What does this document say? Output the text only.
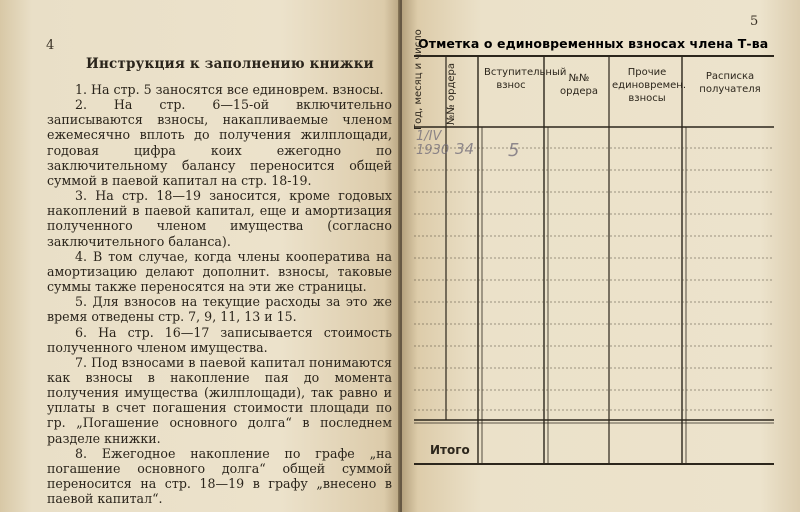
4
Инструкция к заполнению книжки

1. На стр. 5 заносятся все единоврем. взносы.

2. На стр. 6—15-ой включительно записываются взносы, накапливаемые членом ежемесячно вплоть до получения жилплощади, годовая цифра коих ежегодно по заключительному балансу переносится общей суммой в паевой капитал на стр. 18-19.

3. На стр. 18—19 заносится, кроме годовых накоплений в паевой капитал, еще и амортизация полученного членом имущества (согласно заключительного баланса).

4. В том случае, когда члены кооператива на амортизацию делают дополнит. взносы, таковые суммы также переносятся на эти же страницы.

5. Для взносов на текущие расходы за это же время отведены стр. 7, 9, 11, 13 и 15.

6. На стр. 16—17 записывается стоимость полученного членом имущества.

7. Под взносами в паевой капитал понимаются как взносы в накопление пая до момента получения имущества (жилплощади), так равно и уплаты в счет погашения стоимости площади по гр. „Погашение основного долга“ в последнем разделе книжки.

8. Ежегодное накопление по графе „на погашение основного долга“ общей суммой переносится на стр. 18—19 в графу „внесено в паевой капитал“.

5
Отметка о единовременных взносах члена Т-ва
Год, месяц и число	№№ ордера	Вступительный взнос
№№ ордера
Прочие единовремен. взносы
Расписка получателя
1/IV 1930 34 5
Итого
